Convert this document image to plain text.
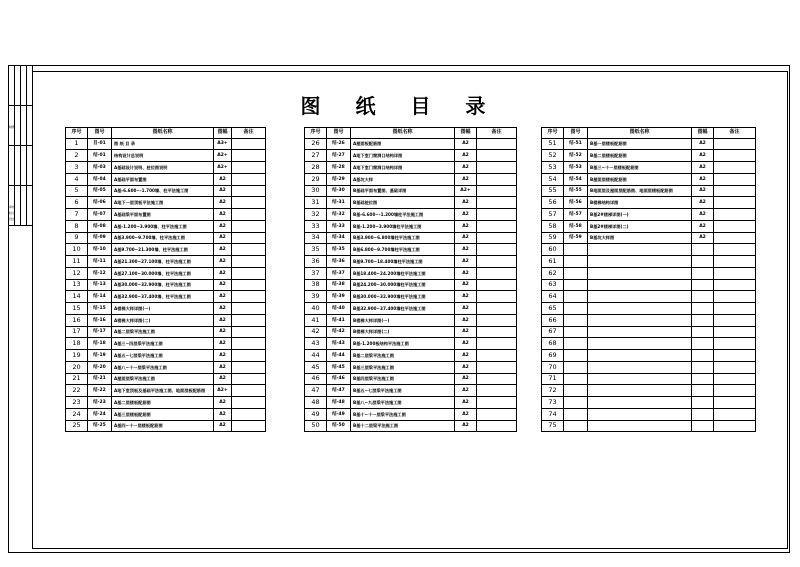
制图
审核
校对
设计
图 纸 目 录
序号	图号	图纸名称	图幅	备注
1	目-01	图 纸 目 录	A3+	
2	结-01	结构设计总说明	A2+	
3	结-03	A基础设计说明、桩位图说明	A2+	
4	结-04	A基础平面布置图	A2	
5	结-05	A基-6.600~-1.700墙、柱平法施工图	A2	
6	结-06	A地下一层顶板平法施工图	A2	
7	结-07	A基础梁平面布置图	A2	
8	结-08	A基-1.200~3.900墙、柱平法施工图	A2	
9	结-09	A基3.900~9.700墙、柱平法施工图	A2	
10	结-10	A基9.700~21.300墙、柱平法施工图	A2	
11	结-11	A基21.300~27.100墙、柱平法施工图	A2	
12	结-12	A基27.100~30.000墙、柱平法施工图	A2	
13	结-13	A基30.000~32.900墙、柱平法施工图	A2	
14	结-14	A基32.900~37.400墙、柱平法施工图	A2	
15	结-15	A楼梯大样详图(一)	A2	
16	结-16	A楼梯大样详图(二)	A2	
17	结-17	A基二层梁平法施工图	A2	
18	结-18	A基三~四层梁平法施工图	A2	
19	结-19	A基五~七层梁平法施工图	A2	
20	结-20	A基八~十一层梁平法施工图	A2	
21	结-21	A屋面层梁平法施工图	A2	
22	结-22	A地下室顶板及基础平法施工图、地面层板配筋图	A2+	
23	结-23	A基二层楼板配筋图	A2	
24	结-24	A基三层楼板配筋图	A2	
25	结-25	A基四~十一层楼板配筋图	A2	
序号	图号	图纸名称	图幅	备注
26	结-26	A屋面板配筋图	A2	
27	结-27	A地下室门窗洞口结构详图	A2	
28	结-28	A地下室门窗洞口结构详图	A2	
29	结-29	A基坑大样	A2	
30	结-30	B基础平面布置图、基础详图	A2+	
31	结-31	B基础桩位图	A2	
32	结-32	B基-6.600~-1.200墙柱平法施工图	A2	
33	结-33	B基-1.200~3.900墙柱平法施工图	A2	
34	结-34	B基3.900~6.800墙柱平法施工图	A2	
35	结-35	B基6.800~9.700墙柱平法施工图	A2	
36	结-36	B基9.700~18.400墙柱平法施工图	A2	
37	结-37	B基18.400~24.200墙柱平法施工图	A2	
38	结-38	B基24.200~30.000墙柱平法施工图	A2	
39	结-39	B基30.000~32.900墙柱平法施工图	A2	
40	结-40	B基32.900~37.400墙柱平法施工图	A2	
41	结-41	B楼梯大样详图(一)	A2	
42	结-42	B楼梯大样详图(二)	A2	
43	结-43	B基-1.200板结构平法施工图	A2	
44	结-44	B基二层梁平法施工图	A2	
45	结-45	B基三层梁平法施工图	A2	
46	结-46	B基四层梁平法施工图	A2	
47	结-47	B基五~七层梁平法施工图	A2	
48	结-48	B基八~九层梁平法施工图	A2	
49	结-49	B基十~十一层梁平法施工图	A2	
50	结-50	B基十二层梁平法施工图	A2	
序号	图号	图纸名称	图幅	备注
51	结-51	B基一层楼板配筋图	A2	
52	结-52	B基二层楼板配筋图	A2	
53	结-53	B基三~十一层楼板配筋图	A2	
54	结-54	B屋面层楼板配筋图	A2	
55	结-55	B地面层及屋面层配筋图、地面层楼板配筋图	A2	
56	结-56	B楼梯结构详图	A2	
57	结-57	B基2#楼梯详图(一)	A2	
58	结-58	B基2#楼梯详图(二)	A2	
59	结-59	B基坑大样图	A2	
60				
61				
62				
63				
64				
65				
66				
67				
68				
69				
70				
71				
72				
73				
74				
75				
